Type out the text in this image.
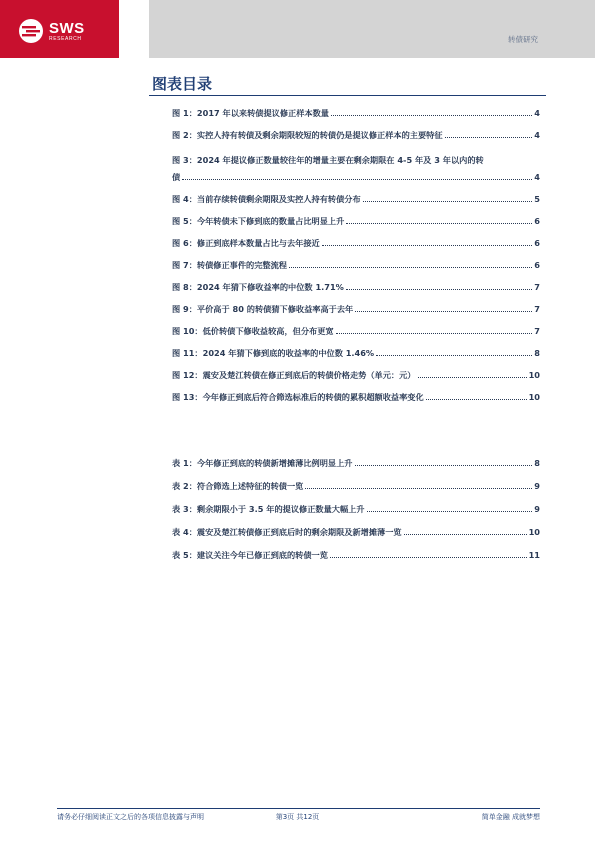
SWS
RESEARCH	转债研究
图表目录
图 1：2017 年以来转债提议修正样本数量	4
图 2：实控人持有转债及剩余期限较短的转债仍是提议修正样本的主要特征	4
图 3：2024 年提议修正数量较往年的增量主要在剩余期限在 4-5 年及 3 年以内的转
债	4
图 4：当前存续转债剩余期限及实控人持有转债分布	5
图 5：今年转债未下修到底的数量占比明显上升	6
图 6：修正到底样本数量占比与去年接近	6
图 7：转债修正事件的完整流程	6
图 8：2024 年猜下修收益率的中位数 1.71%	7
图 9：平价高于 80 的转债猜下修收益率高于去年	7
图 10：低价转债下修收益较高，但分布更宽	7
图 11：2024 年猜下修到底的收益率的中位数 1.46%	8
图 12：震安及楚江转债在修正到底后的转债价格走势（单元：元）	10
图 13：今年修正到底后符合筛选标准后的转债的累积超额收益率变化	10
表 1：今年修正到底的转债新增摊薄比例明显上升	8
表 2：符合筛选上述特征的转债一览	9
表 3：剩余期限小于 3.5 年的提议修正数量大幅上升	9
表 4：震安及楚江转债修正到底后时的剩余期限及新增摊薄一览	10
表 5：建议关注今年已修正到底的转债一览	11
请务必仔细阅读正文之后的各项信息披露与声明	第3页 共12页	简单金融 成就梦想
